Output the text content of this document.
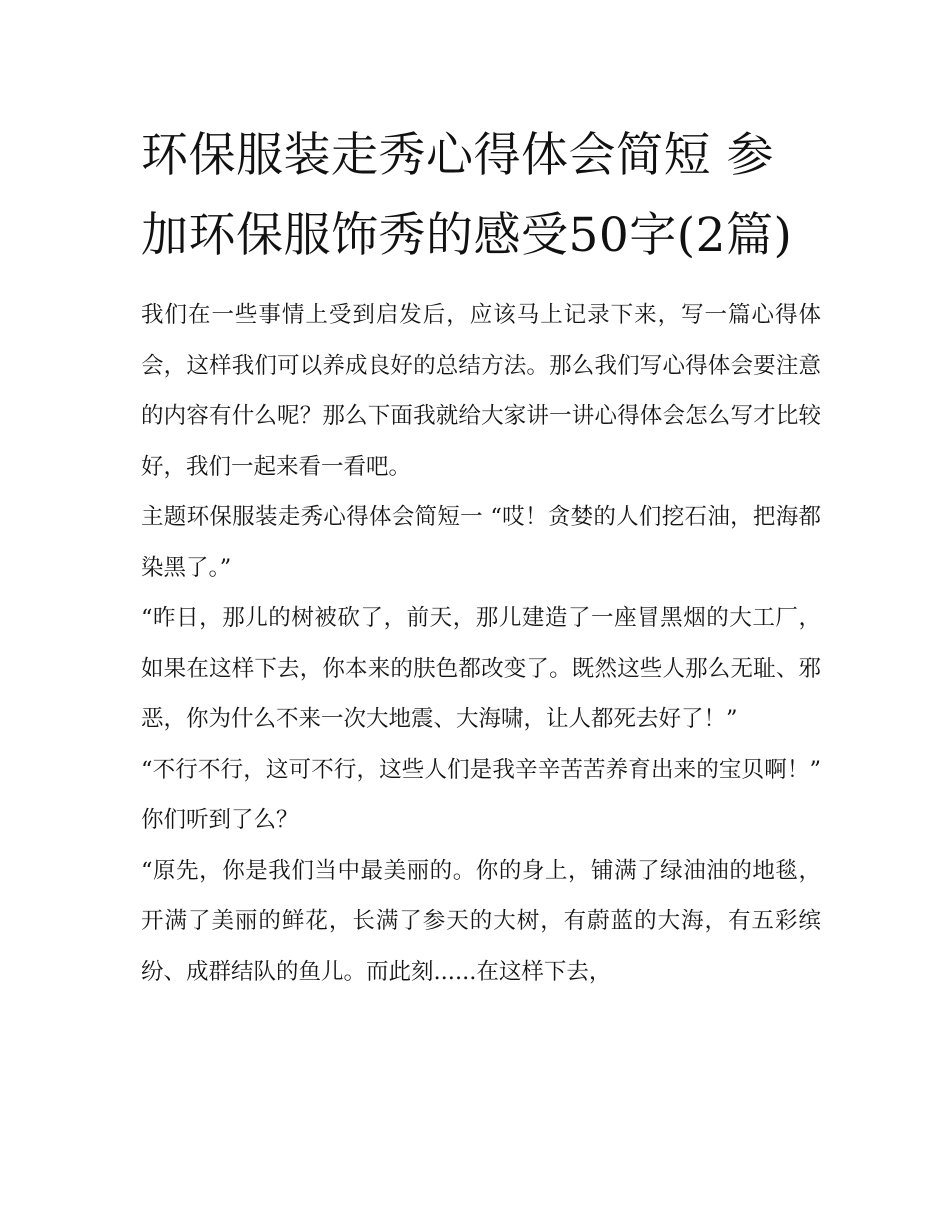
环保服装走秀心得体会简短 参加环保服饰秀的感受50字(2篇)

我们在一些事情上受到启发后，应该马上记录下来，写一篇心得体会，这样我们可以养成良好的总结方法。那么我们写心得体会要注意的内容有什么呢？那么下面我就给大家讲一讲心得体会怎么写才比较好，我们一起来看一看吧。

主题环保服装走秀心得体会简短一 “哎！贪婪的人们挖石油，把海都染黑了。”

“昨日，那儿的树被砍了，前天，那儿建造了一座冒黑烟的大工厂，如果在这样下去，你本来的肤色都改变了。既然这些人那么无耻、邪恶，你为什么不来一次大地震、大海啸，让人都死去好了！”

“不行不行，这可不行，这些人们是我辛辛苦苦养育出来的宝贝啊！” 你们听到了么？

“原先，你是我们当中最美丽的。你的身上，铺满了绿油油的地毯，开满了美丽的鲜花，长满了参天的大树，有蔚蓝的大海，有五彩缤纷、成群结队的鱼儿。而此刻......在这样下去，
